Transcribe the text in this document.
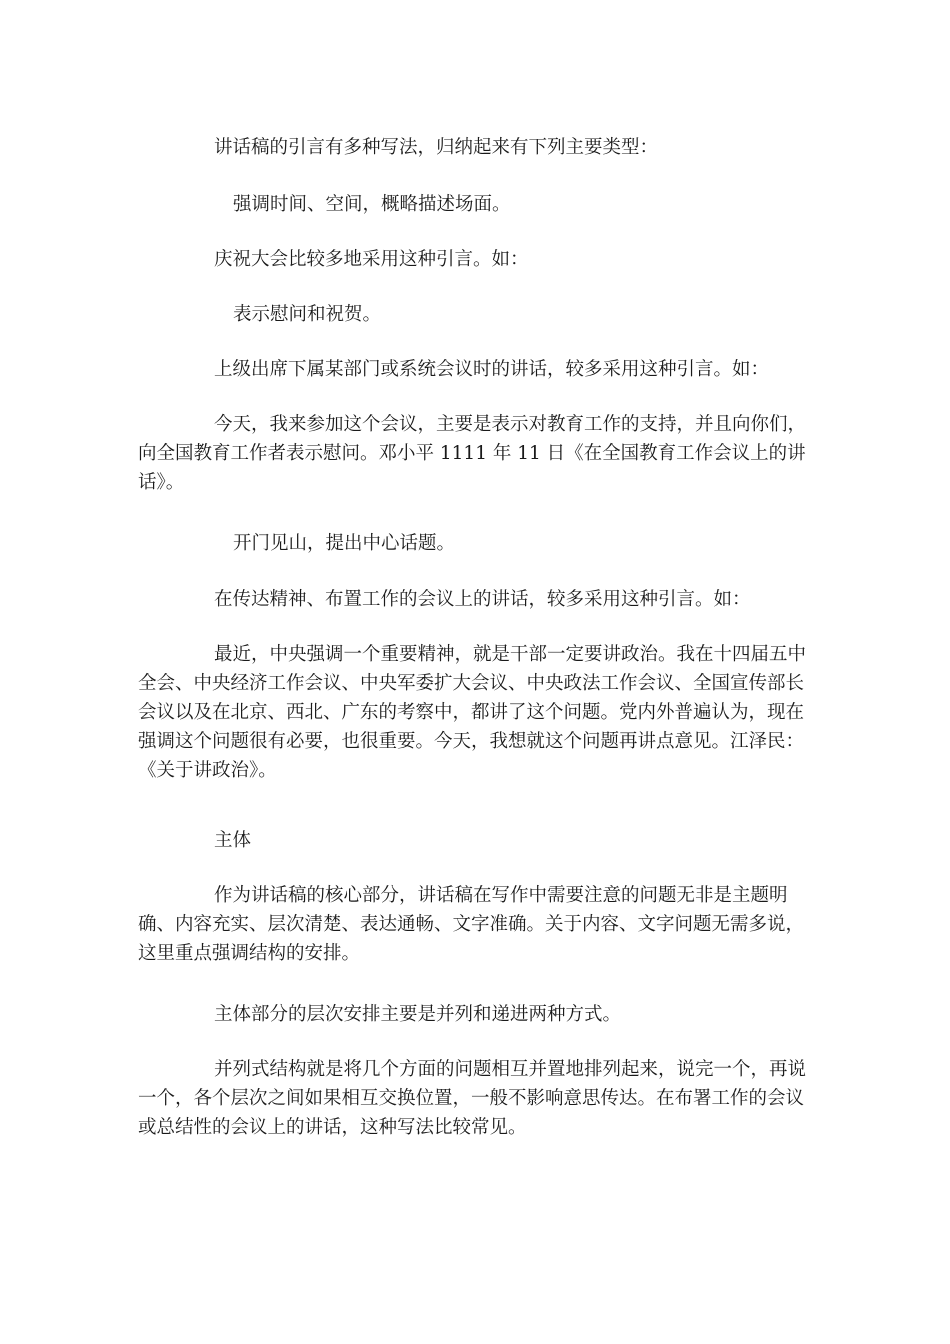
讲话稿的引言有多种写法，归纳起来有下列主要类型：

强调时间、空间，概略描述场面。

庆祝大会比较多地采用这种引言。如：

表示慰问和祝贺。

上级出席下属某部门或系统会议时的讲话，较多采用这种引言。如：

今天，我来参加这个会议，主要是表示对教育工作的支持，并且向你们，向全国教育工作者表示慰问。邓小平 1111 年 11 日《在全国教育工作会议上的讲话》。

开门见山，提出中心话题。

在传达精神、布置工作的会议上的讲话，较多采用这种引言。如：

最近，中央强调一个重要精神，就是干部一定要讲政治。我在十四届五中全会、中央经济工作会议、中央军委扩大会议、中央政法工作会议、全国宣传部长会议以及在北京、西北、广东的考察中，都讲了这个问题。党内外普遍认为，现在强调这个问题很有必要，也很重要。今天，我想就这个问题再讲点意见。江泽民：《关于讲政治》。

主体

作为讲话稿的核心部分，讲话稿在写作中需要注意的问题无非是主题明确、内容充实、层次清楚、表达通畅、文字准确。关于内容、文字问题无需多说，这里重点强调结构的安排。

主体部分的层次安排主要是并列和递进两种方式。

并列式结构就是将几个方面的问题相互并置地排列起来，说完一个，再说一个，各个层次之间如果相互交换位置，一般不影响意思传达。在布署工作的会议或总结性的会议上的讲话，这种写法比较常见。
